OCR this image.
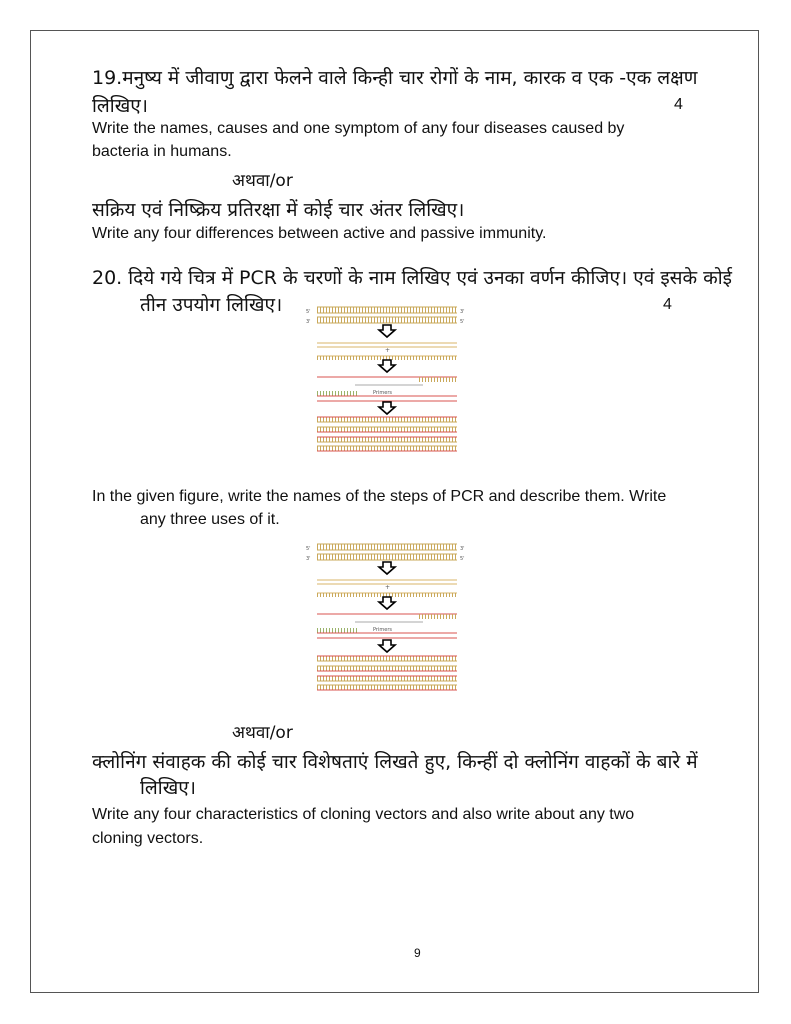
19.मनुष्य में जीवाणु द्वारा फेलने वाले किन्ही चार रोगों के नाम, कारक व एक -एक लक्षण
लिखिए।	4
Write the names, causes and one symptom of any four diseases caused by
bacteria in humans.
अथवा/or
सक्रिय एवं निष्क्रिय प्रतिरक्षा में कोई चार अंतर लिखिए।
Write any four differences between active and passive immunity.
20. दिये गये चित्र में PCR के चरणों के नाम लिखिए एवं उनका वर्णन कीजिए। एवं इसके कोई
तीन उपयोग लिखिए।	4
5'	3'
3'	5'
+
Primers
In the given figure, write the names of the steps of PCR and describe them. Write
any three uses of it.
5'	3'
3'	5'
+
Primers
अथवा/or
क्लोनिंग संवाहक की कोई चार विशेषताएं लिखते हुए, किन्हीं दो क्लोनिंग वाहकों के बारे में
लिखिए।
Write any four characteristics of cloning vectors and also write about any two
cloning vectors.
9
